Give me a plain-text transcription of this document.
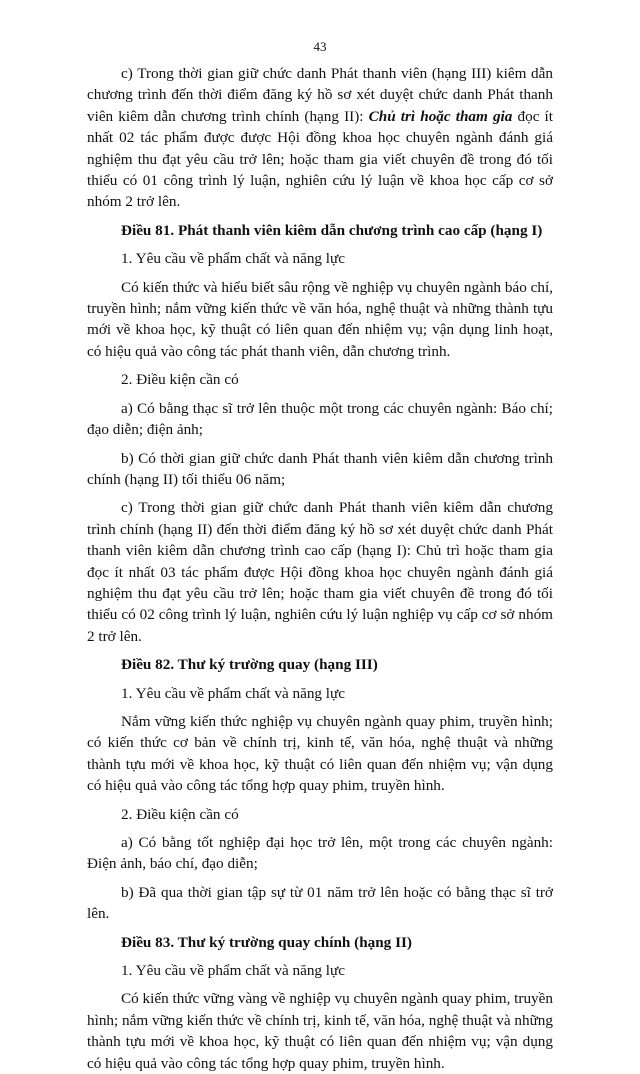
43

c) Trong thời gian giữ chức danh Phát thanh viên (hạng III) kiêm dẫn chương trình đến thời điểm đăng ký hồ sơ xét duyệt chức danh Phát thanh viên kiêm dẫn chương trình chính (hạng II): Chủ trì hoặc tham gia đọc ít nhất 02 tác phẩm được được Hội đồng khoa học chuyên ngành đánh giá nghiệm thu đạt yêu cầu trở lên; hoặc tham gia viết chuyên đề trong đó tối thiểu có 01 công trình lý luận, nghiên cứu lý luận về khoa học cấp cơ sở nhóm 2 trở lên.

Điều 81. Phát thanh viên kiêm dẫn chương trình cao cấp (hạng I)

1. Yêu cầu về phẩm chất và năng lực

Có kiến thức và hiểu biết sâu rộng về nghiệp vụ chuyên ngành báo chí, truyền hình; nắm vững kiến thức về văn hóa, nghệ thuật và những thành tựu mới về khoa học, kỹ thuật có liên quan đến nhiệm vụ; vận dụng linh hoạt, có hiệu quả vào công tác phát thanh viên, dẫn chương trình.

2. Điều kiện cần có

a) Có bằng thạc sĩ trở lên thuộc một trong các chuyên ngành: Báo chí; đạo diễn; điện ảnh;

b) Có thời gian giữ chức danh Phát thanh viên kiêm dẫn chương trình chính (hạng II) tối thiểu 06 năm;

c) Trong thời gian giữ chức danh Phát thanh viên kiêm dẫn chương trình chính (hạng II) đến thời điểm đăng ký hồ sơ xét duyệt chức danh Phát thanh viên kiêm dẫn chương trình cao cấp (hạng I): Chủ trì hoặc tham gia đọc ít nhất 03 tác phẩm được Hội đồng khoa học chuyên ngành đánh giá nghiệm thu đạt yêu cầu trở lên; hoặc tham gia viết chuyên đề trong đó tối thiểu có 02 công trình lý luận, nghiên cứu lý luận nghiệp vụ cấp cơ sở nhóm 2 trở lên.

Điều 82. Thư ký trường quay (hạng III)

1. Yêu cầu về phẩm chất và năng lực

Nắm vững kiến thức nghiệp vụ chuyên ngành quay phim, truyền hình; có kiến thức cơ bản về chính trị, kinh tế, văn hóa, nghệ thuật và những thành tựu mới về khoa học, kỹ thuật có liên quan đến nhiệm vụ; vận dụng có hiệu quả vào công tác tổng hợp quay phim, truyền hình.

2. Điều kiện cần có

a) Có bằng tốt nghiệp đại học trở lên, một trong các chuyên ngành: Điện ảnh, báo chí, đạo diễn;

b) Đã qua thời gian tập sự từ 01 năm trở lên hoặc có bằng thạc sĩ trở lên.

Điều 83. Thư ký trường quay chính (hạng II)

1. Yêu cầu về phẩm chất và năng lực

Có kiến thức vững vàng về nghiệp vụ chuyên ngành quay phim, truyền hình; nắm vững kiến thức về chính trị, kinh tế, văn hóa, nghệ thuật và những thành tựu mới về khoa học, kỹ thuật có liên quan đến nhiệm vụ; vận dụng có hiệu quả vào công tác tổng hợp quay phim, truyền hình.
